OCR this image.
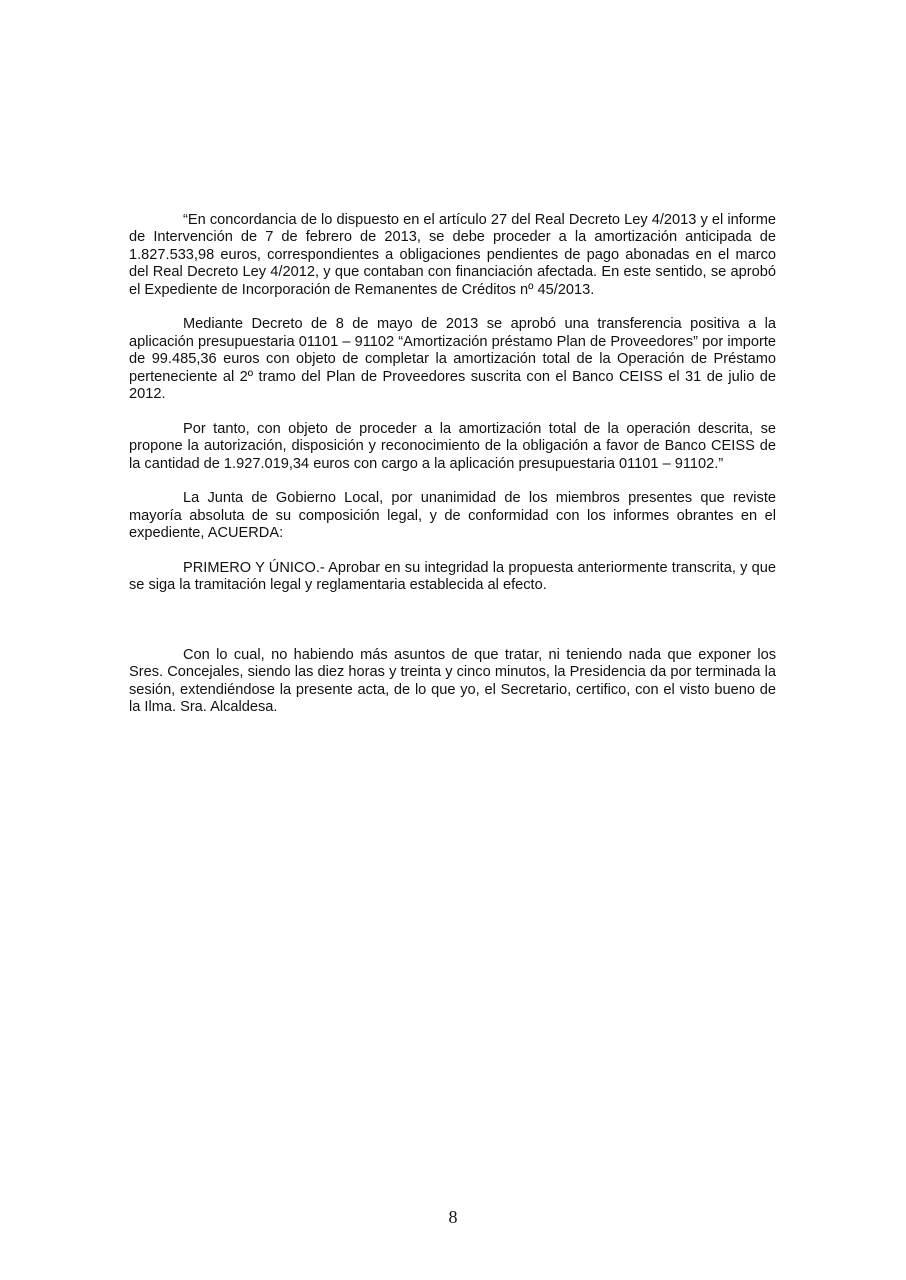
“En concordancia de lo dispuesto en el artículo 27 del Real Decreto Ley 4/2013 y el informe de Intervención de 7 de febrero de 2013, se debe proceder a la amortización anticipada de 1.827.533,98 euros, correspondientes a obligaciones pendientes de pago abonadas en el marco del Real Decreto Ley 4/2012, y que contaban con financiación afectada. En este sentido, se aprobó el Expediente de Incorporación de Remanentes de Créditos nº 45/2013.

Mediante Decreto de 8 de mayo de 2013 se aprobó una transferencia positiva a la aplicación presupuestaria 01101 – 91102 “Amortización préstamo Plan de Proveedores” por importe de 99.485,36 euros con objeto de completar la amortización total de la Operación de Préstamo perteneciente al 2º tramo del Plan de Proveedores suscrita con el Banco CEISS el 31 de julio de 2012.

Por tanto, con objeto de proceder a la amortización total de la operación descrita, se propone la autorización, disposición y reconocimiento de la obligación a favor de Banco CEISS de la cantidad de 1.927.019,34 euros con cargo a la aplicación presupuestaria 01101 – 91102.”

La Junta de Gobierno Local, por unanimidad de los miembros presentes que reviste mayoría absoluta de su composición legal, y de conformidad con los informes obrantes en el expediente, ACUERDA:

PRIMERO Y ÚNICO.- Aprobar en su integridad la propuesta anteriormente transcrita, y que se siga la tramitación legal y reglamentaria establecida al efecto.

Con lo cual, no habiendo más asuntos de que tratar, ni teniendo nada que exponer los Sres. Concejales, siendo las diez horas y treinta y cinco minutos, la Presidencia da por terminada la sesión, extendiéndose la presente acta, de lo que yo, el Secretario, certifico, con el visto bueno de la Ilma. Sra. Alcaldesa.

8
